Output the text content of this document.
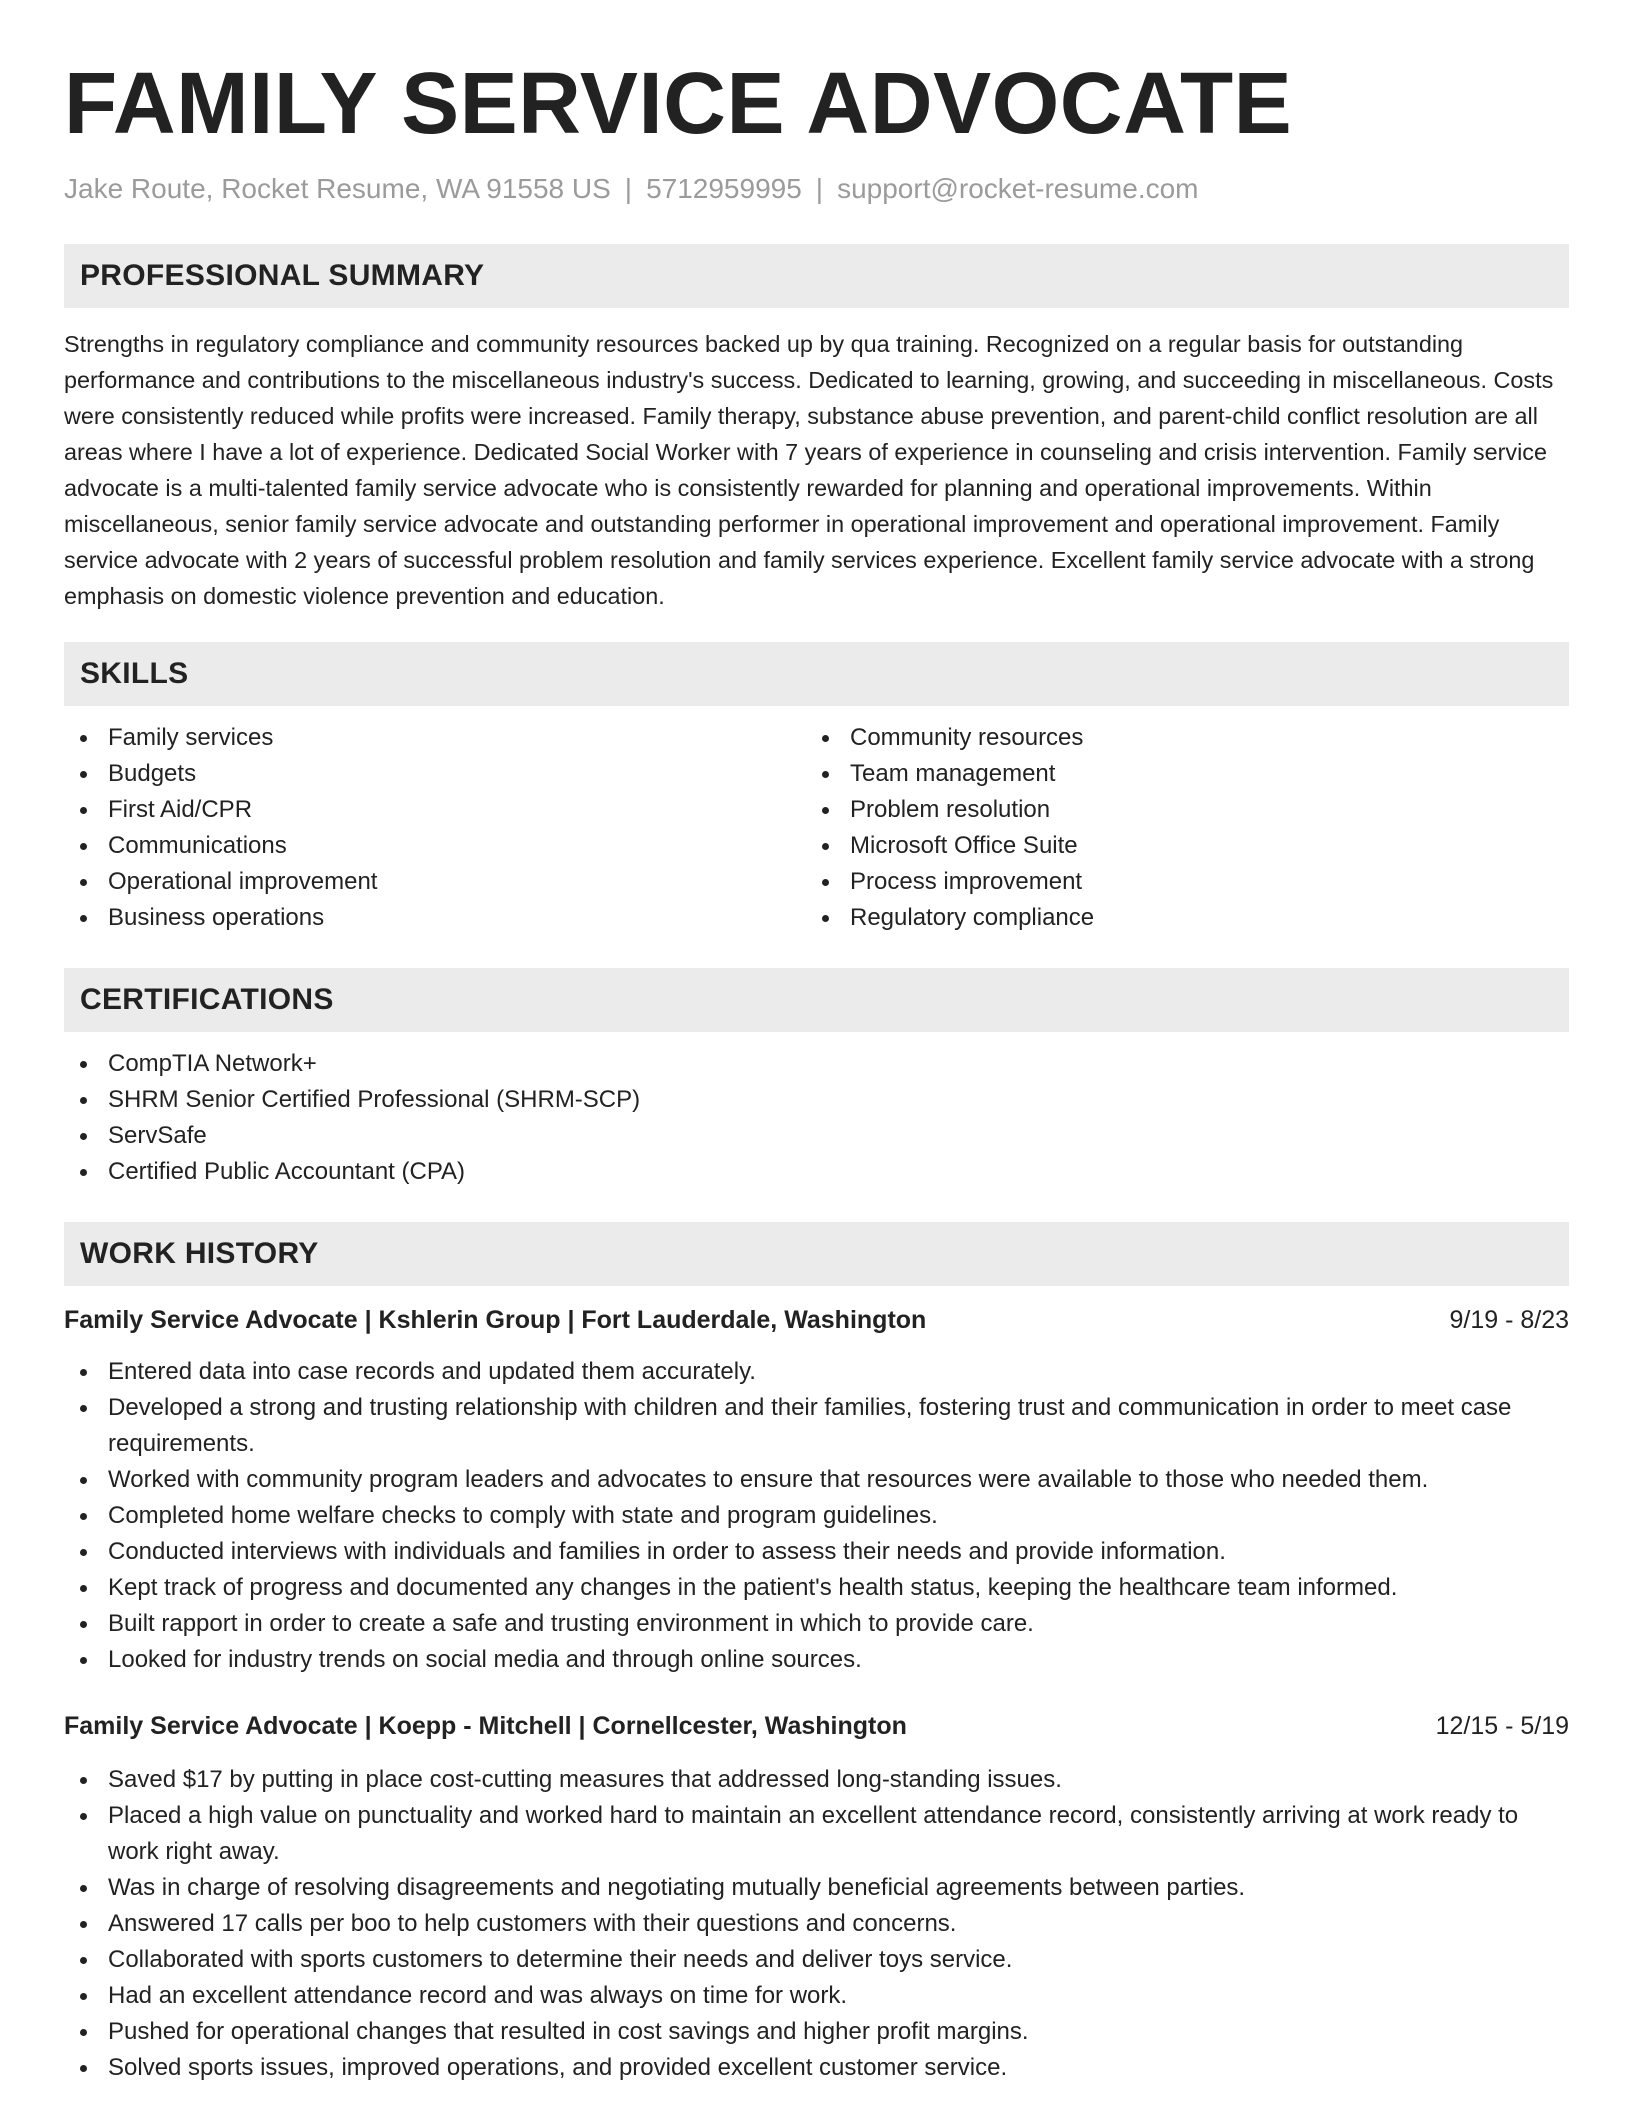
FAMILY SERVICE ADVOCATE
Jake Route, Rocket Resume, WA 91558 US | 5712959995 | support@rocket-resume.com
PROFESSIONAL SUMMARY

Strengths in regulatory compliance and community resources backed up by qua training. Recognized on a regular basis for outstanding performance and contributions to the miscellaneous industry's success. Dedicated to learning, growing, and succeeding in miscellaneous. Costs were consistently reduced while profits were increased. Family therapy, substance abuse prevention, and parent-child conflict resolution are all areas where I have a lot of experience. Dedicated Social Worker with 7 years of experience in counseling and crisis intervention. Family service advocate is a multi-talented family service advocate who is consistently rewarded for planning and operational improvements. Within miscellaneous, senior family service advocate and outstanding performer in operational improvement and operational improvement. Family service advocate with 2 years of successful problem resolution and family services experience. Excellent family service advocate with a strong emphasis on domestic violence prevention and education.

SKILLS
Family services
Budgets
First Aid/CPR
Communications
Operational improvement
Business operations
Community resources
Team management
Problem resolution
Microsoft Office Suite
Process improvement
Regulatory compliance
CERTIFICATIONS
CompTIA Network+
SHRM Senior Certified Professional (SHRM-SCP)
ServSafe
Certified Public Accountant (CPA)
WORK HISTORY
Family Service Advocate | Kshlerin Group | Fort Lauderdale, Washington	9/19 - 8/23
Entered data into case records and updated them accurately.
Developed a strong and trusting relationship with children and their families, fostering trust and communication in order to meet case requirements.
Worked with community program leaders and advocates to ensure that resources were available to those who needed them.
Completed home welfare checks to comply with state and program guidelines.
Conducted interviews with individuals and families in order to assess their needs and provide information.
Kept track of progress and documented any changes in the patient's health status, keeping the healthcare team informed.
Built rapport in order to create a safe and trusting environment in which to provide care.
Looked for industry trends on social media and through online sources.
Family Service Advocate | Koepp - Mitchell | Cornellcester, Washington	12/15 - 5/19
Saved $17 by putting in place cost-cutting measures that addressed long-standing issues.
Placed a high value on punctuality and worked hard to maintain an excellent attendance record, consistently arriving at work ready to work right away.
Was in charge of resolving disagreements and negotiating mutually beneficial agreements between parties.
Answered 17 calls per boo to help customers with their questions and concerns.
Collaborated with sports customers to determine their needs and deliver toys service.
Had an excellent attendance record and was always on time for work.
Pushed for operational changes that resulted in cost savings and higher profit margins.
Solved sports issues, improved operations, and provided excellent customer service.
